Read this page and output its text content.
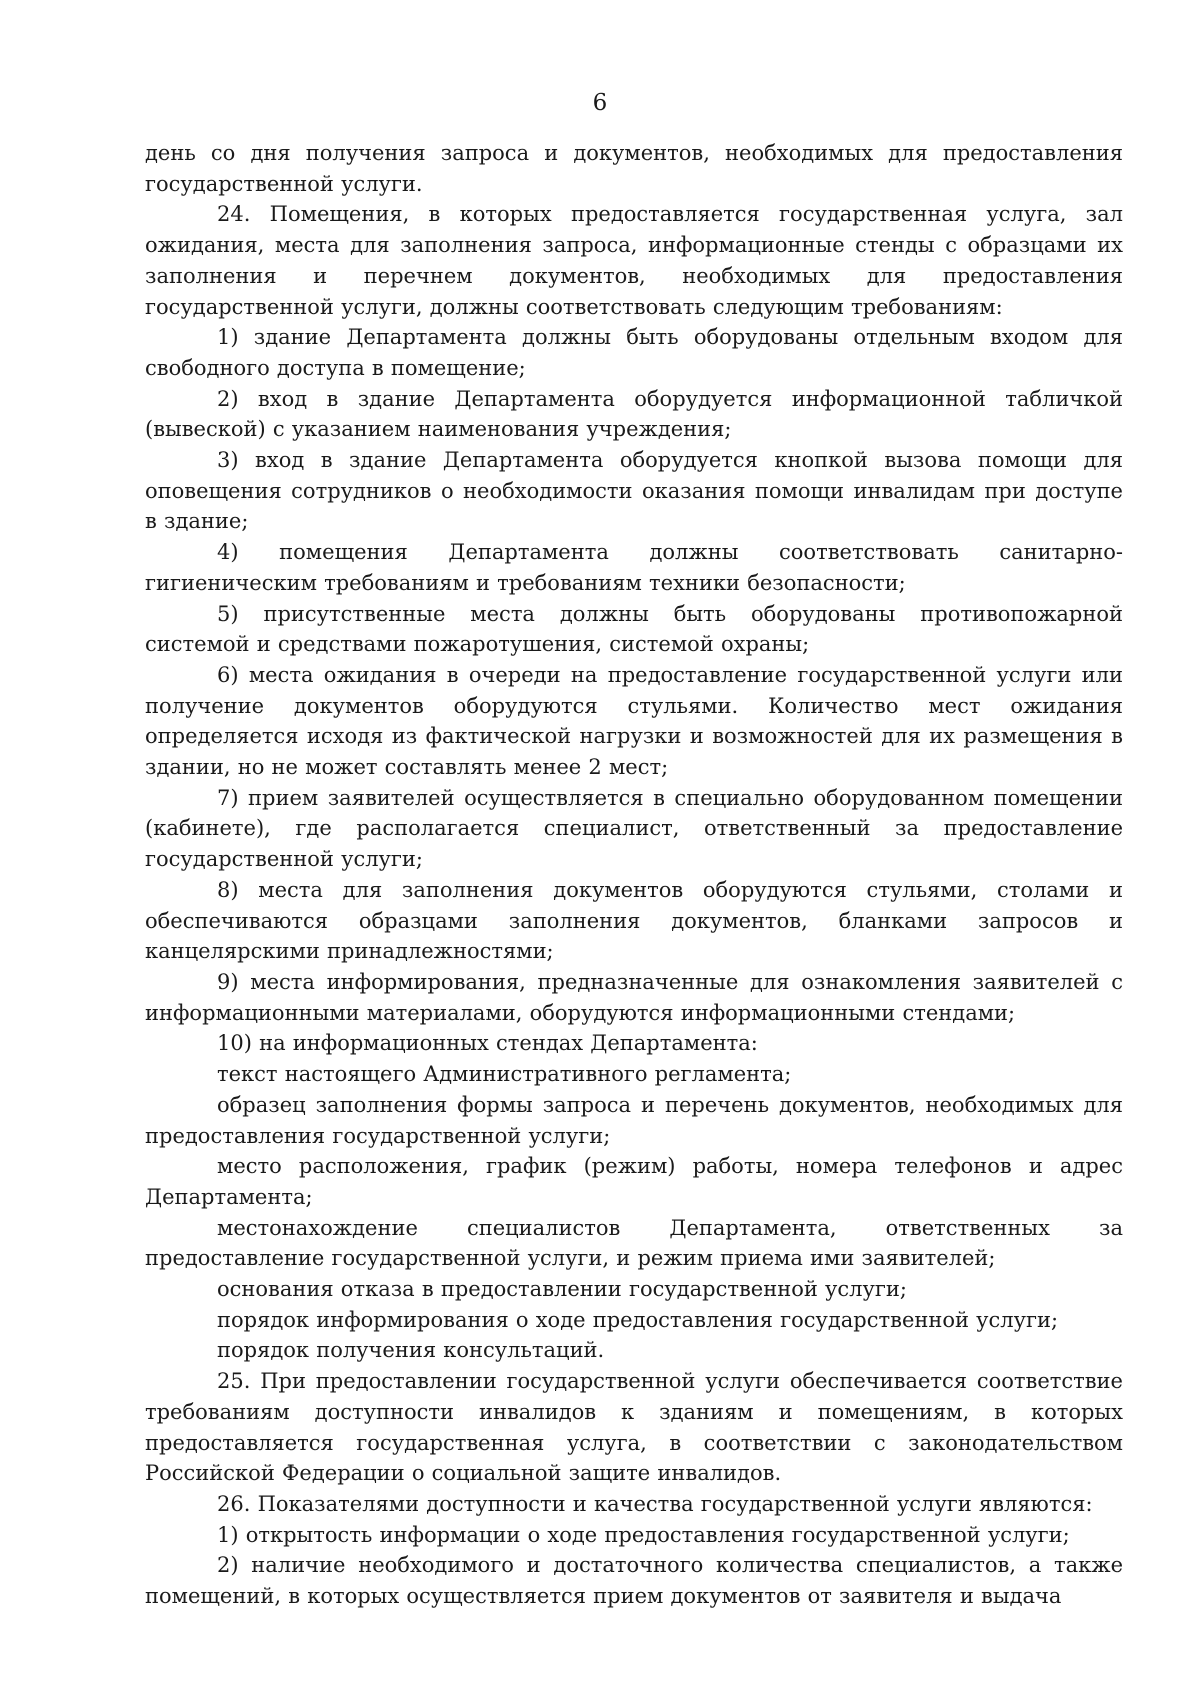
6

день со дня получения запроса и документов, необходимых для предоставления государственной услуги.

24. Помещения, в которых предоставляется государственная услуга, зал ожидания, места для заполнения запроса, информационные стенды с образцами их заполнения и перечнем документов, необходимых для предоставления государственной услуги, должны соответствовать следующим требованиям:

1) здание Департамента должны быть оборудованы отдельным входом для свободного доступа в помещение;

2) вход в здание Департамента оборудуется информационной табличкой (вывеской) с указанием наименования учреждения;

3) вход в здание Департамента оборудуется кнопкой вызова помощи для оповещения сотрудников о необходимости оказания помощи инвалидам при доступе в здание;

4) помещения Департамента должны соответствовать санитарно-гигиеническим требованиям и требованиям техники безопасности;

5) присутственные места должны быть оборудованы противопожарной системой и средствами пожаротушения, системой охраны;

6) места ожидания в очереди на предоставление государственной услуги или получение документов оборудуются стульями. Количество мест ожидания определяется исходя из фактической нагрузки и возможностей для их размещения в здании, но не может составлять менее 2 мест;

7) прием заявителей осуществляется в специально оборудованном помещении (кабинете), где располагается специалист, ответственный за предоставление государственной услуги;

8) места для заполнения документов оборудуются стульями, столами и обеспечиваются образцами заполнения документов, бланками запросов и канцелярскими принадлежностями;

9) места информирования, предназначенные для ознакомления заявителей с информационными материалами, оборудуются информационными стендами;

10) на информационных стендах Департамента:

текст настоящего Административного регламента;

образец заполнения формы запроса и перечень документов, необходимых для предоставления государственной услуги;

место расположения, график (режим) работы, номера телефонов и адрес Департамента;

местонахождение специалистов Департамента, ответственных за предоставление государственной услуги, и режим приема ими заявителей;

основания отказа в предоставлении государственной услуги;

порядок информирования о ходе предоставления государственной услуги;

порядок получения консультаций.

25. При предоставлении государственной услуги обеспечивается соответствие требованиям доступности инвалидов к зданиям и помещениям, в которых предоставляется государственная услуга, в соответствии с законодательством Российской Федерации о социальной защите инвалидов.

26. Показателями доступности и качества государственной услуги являются:

1) открытость информации о ходе предоставления государственной услуги;

2) наличие необходимого и достаточного количества специалистов, а также помещений, в которых осуществляется прием документов от заявителя и выдача
